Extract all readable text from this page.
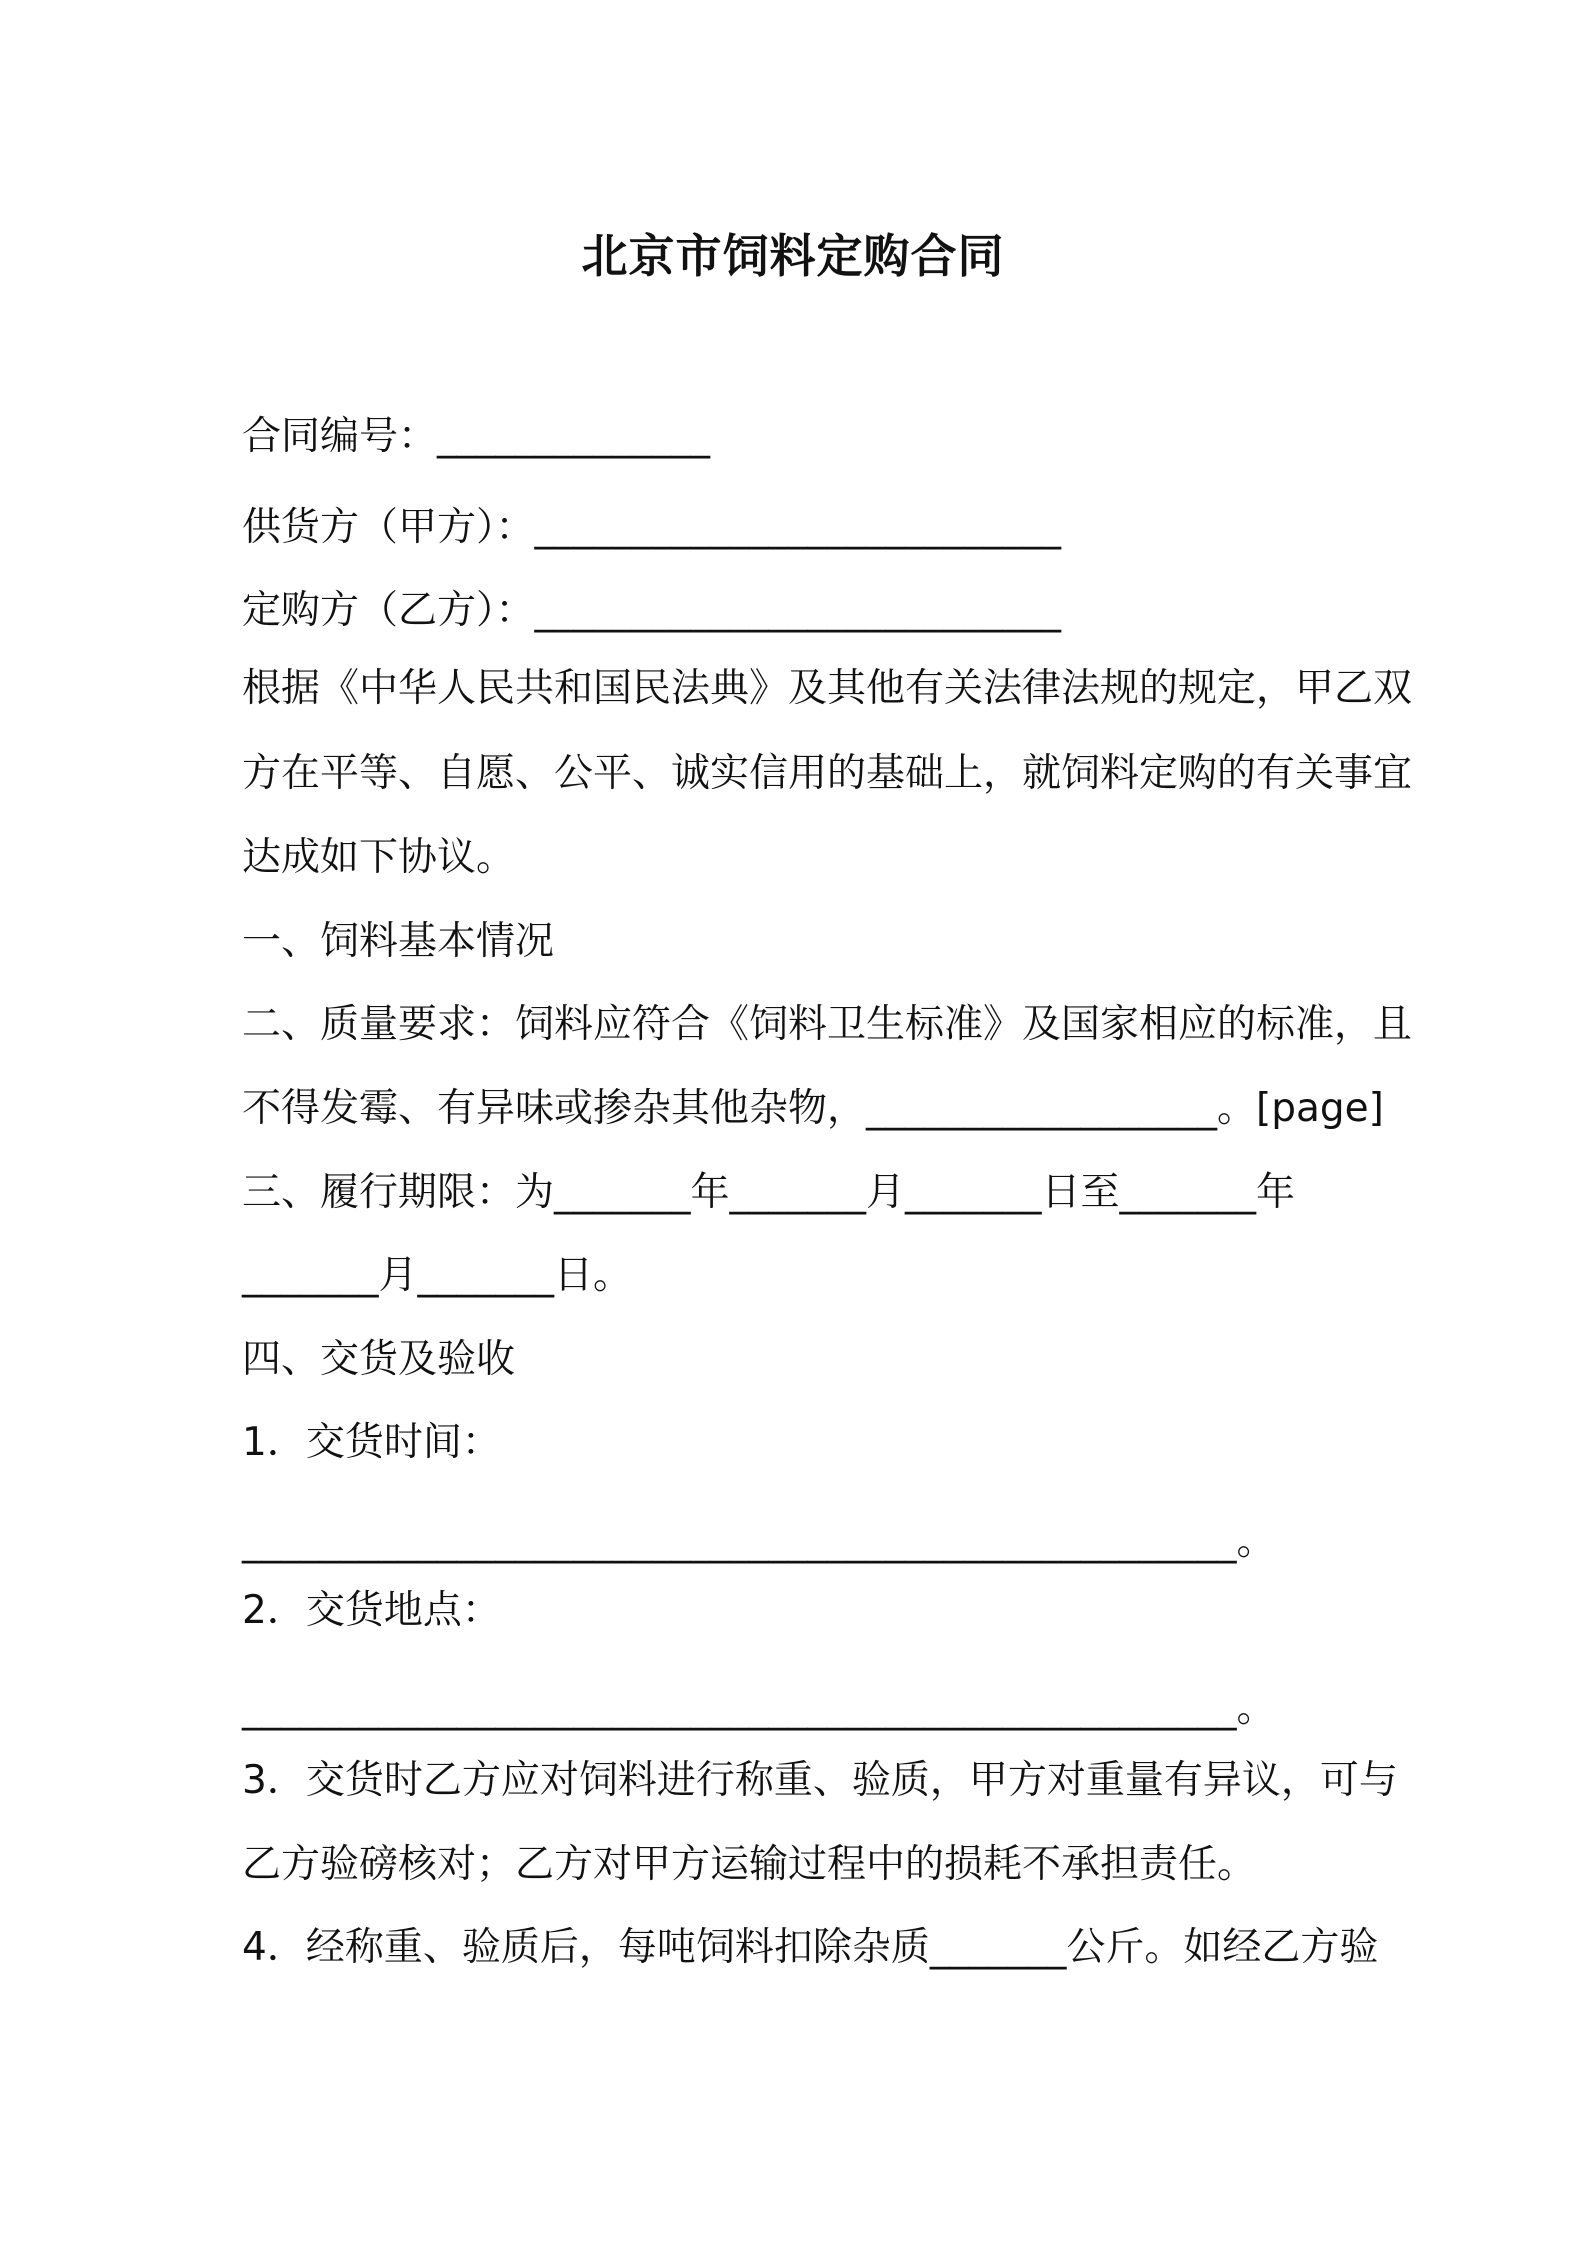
北京市饲料定购合同
合同编号：______________
供货方（甲方）：___________________________
定购方（乙方）：___________________________
根据《中华人民共和国民法典》及其他有关法律法规的规定，甲乙双
方在平等、自愿、公平、诚实信用的基础上，就饲料定购的有关事宜
达成如下协议。
一、饲料基本情况
二、质量要求：饲料应符合《饲料卫生标准》及国家相应的标准，且
不得发霉、有异味或掺杂其他杂物，__________________。[page]
三、履行期限：为_______年_______月_______日至_______年
_______月_______日。
四、交货及验收
1．交货时间：
___________________________________________________。
2．交货地点：
___________________________________________________。
3．交货时乙方应对饲料进行称重、验质，甲方对重量有异议，可与
乙方验磅核对；乙方对甲方运输过程中的损耗不承担责任。
4．经称重、验质后，每吨饲料扣除杂质_______公斤。如经乙方验
